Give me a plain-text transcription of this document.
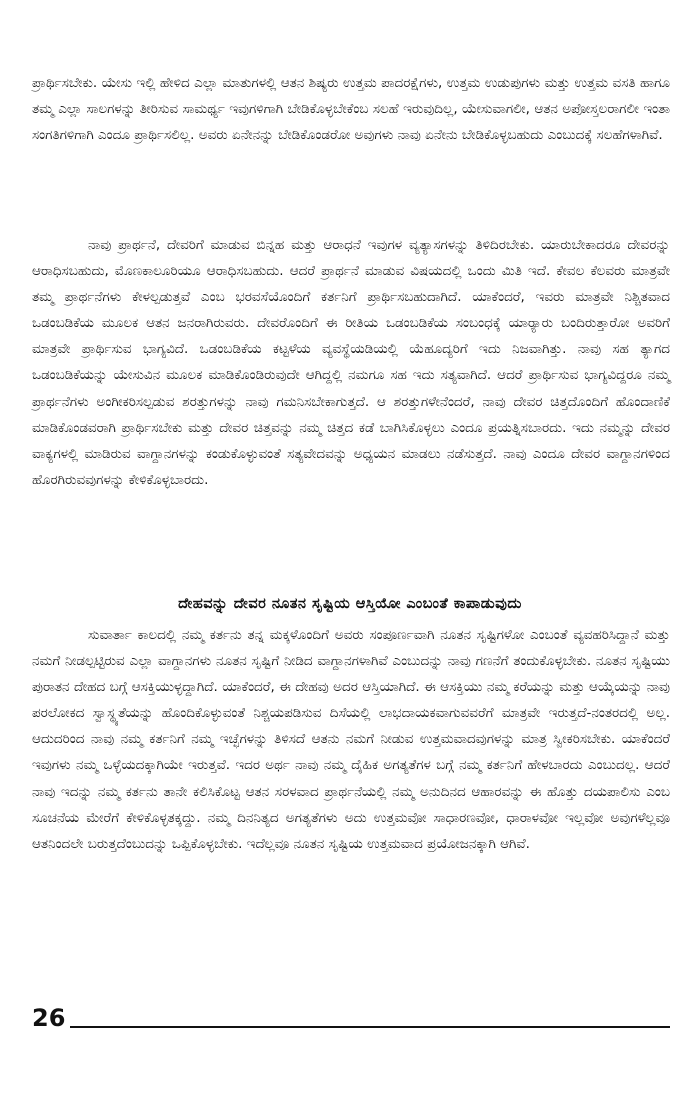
ಪ್ರಾರ್ಥಿಸಬೇಕು. ಯೇಸು ಇಲ್ಲಿ ಹೇಳಿದ ಎಲ್ಲಾ ಮಾತುಗಳಲ್ಲಿ ಆತನ ಶಿಷ್ಯರು ಉತ್ತಮ ಪಾದರಕ್ಷೆಗಳು, ಉತ್ತಮ ಉಡುಪುಗಳು ಮತ್ತು ಉತ್ತಮ ವಸತಿ ಹಾಗೂ ತಮ್ಮ ಎಲ್ಲಾ ಸಾಲಗಳನ್ನು ತೀರಿಸುವ ಸಾಮರ್ಥ್ಯ ಇವುಗಳಿಗಾಗಿ ಬೇಡಿಕೊಳ್ಳಬೇಕೆಂಬ ಸಲಹೆ ಇರುವುದಿಲ್ಲ, ಯೇಸುವಾಗಲೀ, ಆತನ ಅಪೋಸ್ತಲರಾಗಲೀ ಇಂತಾ ಸಂಗತಿಗಳಿಗಾಗಿ ಎಂದೂ ಪ್ರಾರ್ಥಿಸಲಿಲ್ಲ. ಅವರು ಏನೇನನ್ನು ಬೇಡಿಕೊಂಡರೋ ಅವುಗಳು ನಾವು ಏನೇನು ಬೇಡಿಕೊಳ್ಳಬಹುದು ಎಂಬುದಕ್ಕೆ ಸಲಹೆಗಳಾಗಿವೆ.

ನಾವು ಪ್ರಾರ್ಥನೆ, ದೇವರಿಗೆ ಮಾಡುವ ಬಿನ್ನಹ ಮತ್ತು ಆರಾಧನೆ ಇವುಗಳ ವ್ಯತ್ಯಾಸಗಳನ್ನು ತಿಳಿದಿರಬೇಕು. ಯಾರುಬೇಕಾದರೂ ದೇವರನ್ನು ಆರಾಧಿಸಬಹುದು, ಮೊಣಕಾಲೂರಿಯೂ ಆರಾಧಿಸಬಹುದು. ಆದರೆ ಪ್ರಾರ್ಥನೆ ಮಾಡುವ ವಿಷಯದಲ್ಲಿ ಒಂದು ಮಿತಿ ಇದೆ. ಕೇವಲ ಕೆಲವರು ಮಾತ್ರವೇ ತಮ್ಮ ಪ್ರಾರ್ಥನೆಗಳು ಕೇಳಲ್ಪಡುತ್ತವೆ ಎಂಬ ಭರವಸೆಯೊಂದಿಗೆ ಕರ್ತನಿಗೆ ಪ್ರಾರ್ಥಿಸಬಹುದಾಗಿದೆ. ಯಾಕೆಂದರೆ, ಇವರು ಮಾತ್ರವೇ ನಿಶ್ಚಿತವಾದ ಒಡಂಬಡಿಕೆಯ ಮೂಲಕ ಆತನ ಜನರಾಗಿರುವರು. ದೇವರೊಂದಿಗೆ ಈ ರೀತಿಯ ಒಡಂಬಡಿಕೆಯ ಸಂಬಂಧಕ್ಕೆ ಯಾರ್‍ಯಾರು ಬಂದಿರುತ್ತಾರೋ ಅವರಿಗೆ ಮಾತ್ರವೇ ಪ್ರಾರ್ಥಿಸುವ ಭಾಗ್ಯವಿದೆ. ಒಡಂಬಡಿಕೆಯ ಕಟ್ಟಳೆಯ ವ್ಯವಸ್ಥೆಯಡಿಯಲ್ಲಿ ಯೆಹೂದ್ಯರಿಗೆ ಇದು ನಿಜವಾಗಿತ್ತು. ನಾವು ಸಹ ತ್ಯಾಗದ ಒಡಂಬಡಿಕೆಯನ್ನು ಯೇಸುವಿನ ಮೂಲಕ ಮಾಡಿಕೊಂಡಿರುವುದೇ ಆಗಿದ್ದಲ್ಲಿ ನಮಗೂ ಸಹ ಇದು ಸತ್ಯವಾಗಿದೆ. ಆದರೆ ಪ್ರಾರ್ಥಿಸುವ ಭಾಗ್ಯವಿದ್ದರೂ ನಮ್ಮ ಪ್ರಾರ್ಥನೆಗಳು ಅಂಗೀಕರಿಸಲ್ಪಡುವ ಶರತ್ತುಗಳನ್ನು ನಾವು ಗಮನಿಸಬೇಕಾಗುತ್ತದೆ. ಆ ಶರತ್ತುಗಳೇನೆಂದರೆ, ನಾವು ದೇವರ ಚಿತ್ತದೊಂದಿಗೆ ಹೊಂದಾಣಿಕೆ ಮಾಡಿಕೊಂಡವರಾಗಿ ಪ್ರಾರ್ಥಿಸಬೇಕು ಮತ್ತು ದೇವರ ಚಿತ್ತವನ್ನು ನಮ್ಮ ಚಿತ್ತದ ಕಡೆ ಬಾಗಿಸಿಕೊಳ್ಳಲು ಎಂದೂ ಪ್ರಯತ್ನಿಸಬಾರದು. ಇದು ನಮ್ಮನ್ನು ದೇವರ ವಾಕ್ಯಗಳಲ್ಲಿ ಮಾಡಿರುವ ವಾಗ್ದಾನಗಳನ್ನು ಕಂಡುಕೊಳ್ಳುವಂತೆ ಸತ್ಯವೇದವನ್ನು ಅಧ್ಯಯನ ಮಾಡಲು ನಡೆಸುತ್ತದೆ. ನಾವು ಎಂದೂ ದೇವರ ವಾಗ್ದಾನಗಳಿಂದ ಹೊರಗಿರುವವುಗಳನ್ನು ಕೇಳಿಕೊಳ್ಳಬಾರದು.

ದೇಹವನ್ನು ದೇವರ ನೂತನ ಸೃಷ್ಟಿಯ ಆಸ್ತಿಯೋ ಎಂಬಂತೆ ಕಾಪಾಡುವುದು

ಸುವಾರ್ತಾ ಕಾಲದಲ್ಲಿ ನಮ್ಮ ಕರ್ತನು ತನ್ನ ಮಕ್ಕಳೊಂದಿಗೆ ಅವರು ಸಂಪೂರ್ಣವಾಗಿ ನೂತನ ಸೃಷ್ಟಿಗಳೋ ಎಂಬಂತೆ ವ್ಯವಹರಿಸಿದ್ದಾನೆ ಮತ್ತು ನಮಗೆ ನೀಡಲ್ಪಟ್ಟಿರುವ ಎಲ್ಲಾ ವಾಗ್ದಾನಗಳು ನೂತನ ಸೃಷ್ಟಿಗೆ ನೀಡಿದ ವಾಗ್ದಾನಗಳಾಗಿವೆ ಎಂಬುದನ್ನು ನಾವು ಗಣನೆಗೆ ತಂದುಕೊಳ್ಳಬೇಕು. ನೂತನ ಸೃಷ್ಟಿಯು ಪುರಾತನ ದೇಹದ ಬಗ್ಗೆ ಆಸಕ್ತಿಯುಳ್ಳದ್ದಾಗಿದೆ. ಯಾಕೆಂದರೆ, ಈ ದೇಹವು ಅದರ ಆಸ್ತಿಯಾಗಿದೆ. ಈ ಆಸಕ್ತಿಯು ನಮ್ಮ ಕರೆಯನ್ನು ಮತ್ತು ಆಯ್ಕೆಯನ್ನು ನಾವು ಪರಲೋಕದ ಸ್ವಾಸ್ಥ್ಯತೆಯನ್ನು ಹೊಂದಿಕೊಳ್ಳುವಂತೆ ನಿಶ್ಚಯಪಡಿಸುವ ದಿಸೆಯಲ್ಲಿ ಲಾಭದಾಯಕವಾಗುವವರೆಗೆ ಮಾತ್ರವೇ ಇರುತ್ತದೆ-ನಂತರದಲ್ಲಿ ಅಲ್ಲ. ಆದುದರಿಂದ ನಾವು ನಮ್ಮ ಕರ್ತನಿಗೆ ನಮ್ಮ ಇಚ್ಛೆಗಳನ್ನು ತಿಳಿಸದೆ ಆತನು ನಮಗೆ ನೀಡುವ ಉತ್ತಮವಾದವುಗಳನ್ನು ಮಾತ್ರ ಸ್ವೀಕರಿಸಬೇಕು. ಯಾಕೆಂದರೆ ಇವುಗಳು ನಮ್ಮ ಒಳ್ಳೆಯದಕ್ಕಾಗಿಯೇ ಇರುತ್ತವೆ. ಇದರ ಅರ್ಥ ನಾವು ನಮ್ಮ ದೈಹಿಕ ಅಗತ್ಯತೆಗಳ ಬಗ್ಗೆ ನಮ್ಮ ಕರ್ತನಿಗೆ ಹೇಳಬಾರದು ಎಂಬುದಲ್ಲ. ಆದರೆ ನಾವು ಇದನ್ನು ನಮ್ಮ ಕರ್ತನು ತಾನೇ ಕಲಿಸಿಕೊಟ್ಟ ಆತನ ಸರಳವಾದ ಪ್ರಾರ್ಥನೆಯಲ್ಲಿ ನಮ್ಮ ಅನುದಿನದ ಆಹಾರವನ್ನು ಈ ಹೊತ್ತು ದಯಪಾಲಿಸು ಎಂಬ ಸೂಚನೆಯ ಮೇರೆಗೆ ಕೇಳಿಕೊಳ್ಳತಕ್ಕದ್ದು. ನಮ್ಮ ದಿನನಿತ್ಯದ ಅಗತ್ಯತೆಗಳು ಅದು ಉತ್ತಮವೋ ಸಾಧಾರಣವೋ, ಧಾರಾಳವೋ ಇಲ್ಲವೋ ಅವುಗಳೆಲ್ಲವೂ ಆತನಿಂದಲೇ ಬರುತ್ತದೆಂಬುದನ್ನು ಒಪ್ಪಿಕೊಳ್ಳಬೇಕು. ಇದೆಲ್ಲವೂ ನೂತನ ಸೃಷ್ಟಿಯ ಉತ್ತಮವಾದ ಪ್ರಯೋಜನಕ್ಕಾಗಿ ಆಗಿವೆ.

26
